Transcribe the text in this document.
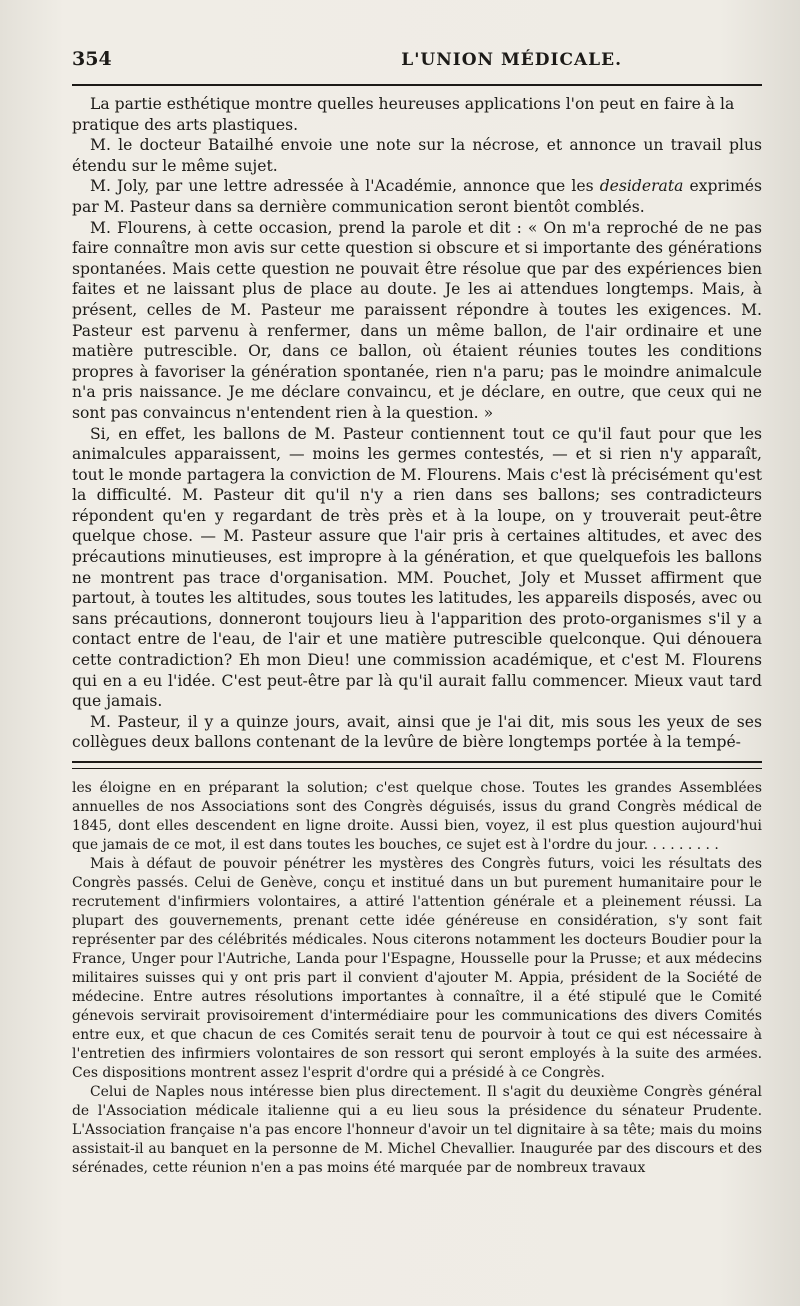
354	L'UNION MÉDICALE.

La partie esthétique montre quelles heureuses applications l'on peut en faire à la

pratique des arts plastiques.

M. le docteur Batailhé envoie une note sur la nécrose, et annonce un travail plus étendu sur le même sujet.

M. Joly, par une lettre adressée à l'Académie, annonce que les desiderata exprimés par M. Pasteur dans sa dernière communication seront bientôt comblés.

M. Flourens, à cette occasion, prend la parole et dit : « On m'a reproché de ne pas faire connaître mon avis sur cette question si obscure et si importante des générations spontanées. Mais cette question ne pouvait être résolue que par des expériences bien faites et ne laissant plus de place au doute. Je les ai attendues longtemps. Mais, à présent, celles de M. Pasteur me paraissent répondre à toutes les exigences. M. Pasteur est parvenu à renfermer, dans un même ballon, de l'air ordinaire et une matière putrescible. Or, dans ce ballon, où étaient réunies toutes les conditions propres à favoriser la génération spontanée, rien n'a paru; pas le moindre animalcule n'a pris naissance. Je me déclare convaincu, et je déclare, en outre, que ceux qui ne sont pas convaincus n'entendent rien à la question. »

Si, en effet, les ballons de M. Pasteur contiennent tout ce qu'il faut pour que les animalcules apparaissent, — moins les germes contestés, — et si rien n'y apparaît, tout le monde partagera la conviction de M. Flourens. Mais c'est là précisément qu'est la difficulté. M. Pasteur dit qu'il n'y a rien dans ses ballons; ses contradicteurs répondent qu'en y regardant de très près et à la loupe, on y trouverait peut-être quelque chose. — M. Pasteur assure que l'air pris à certaines altitudes, et avec des précautions minutieuses, est impropre à la génération, et que quelquefois les ballons ne montrent pas trace d'organisation. MM. Pouchet, Joly et Musset affirment que partout, à toutes les altitudes, sous toutes les latitudes, les appareils disposés, avec ou sans précautions, donneront toujours lieu à l'apparition des proto-organismes s'il y a contact entre de l'eau, de l'air et une matière putrescible quelconque. Qui dénouera cette contradiction? Eh mon Dieu! une commission académique, et c'est M. Flourens qui en a eu l'idée. C'est peut-être par là qu'il aurait fallu commencer. Mieux vaut tard que jamais.

M. Pasteur, il y a quinze jours, avait, ainsi que je l'ai dit, mis sous les yeux de ses collègues deux ballons contenant de la levûre de bière longtemps portée à la tempé-

les éloigne en en préparant la solution; c'est quelque chose. Toutes les grandes Assemblées annuelles de nos Associations sont des Congrès déguisés, issus du grand Congrès médical de 1845, dont elles descendent en ligne droite. Aussi bien, voyez, il est plus question aujourd'hui que jamais de ce mot, il est dans toutes les bouches, ce sujet est à l'ordre du jour. . . . . . . . .

Mais à défaut de pouvoir pénétrer les mystères des Congrès futurs, voici les résultats des Congrès passés. Celui de Genève, conçu et institué dans un but purement humanitaire pour le recrutement d'infirmiers volontaires, a attiré l'attention générale et a pleinement réussi. La plupart des gouvernements, prenant cette idée généreuse en considération, s'y sont fait représenter par des célébrités médicales. Nous citerons notamment les docteurs Boudier pour la France, Unger pour l'Autriche, Landa pour l'Espagne, Housselle pour la Prusse; et aux médecins militaires suisses qui y ont pris part il convient d'ajouter M. Appia, président de la Société de médecine. Entre autres résolutions importantes à connaître, il a été stipulé que le Comité génevois servirait provisoirement d'intermédiaire pour les communications des divers Comités entre eux, et que chacun de ces Comités serait tenu de pourvoir à tout ce qui est nécessaire à l'entretien des infirmiers volontaires de son ressort qui seront employés à la suite des armées. Ces dispositions montrent assez l'esprit d'ordre qui a présidé à ce Congrès.

Celui de Naples nous intéresse bien plus directement. Il s'agit du deuxième Congrès général de l'Association médicale italienne qui a eu lieu sous la présidence du sénateur Prudente. L'Association française n'a pas encore l'honneur d'avoir un tel dignitaire à sa tête; mais du moins assistait-il au banquet en la personne de M. Michel Chevallier. Inaugurée par des discours et des sérénades, cette réunion n'en a pas moins été marquée par de nombreux travaux
